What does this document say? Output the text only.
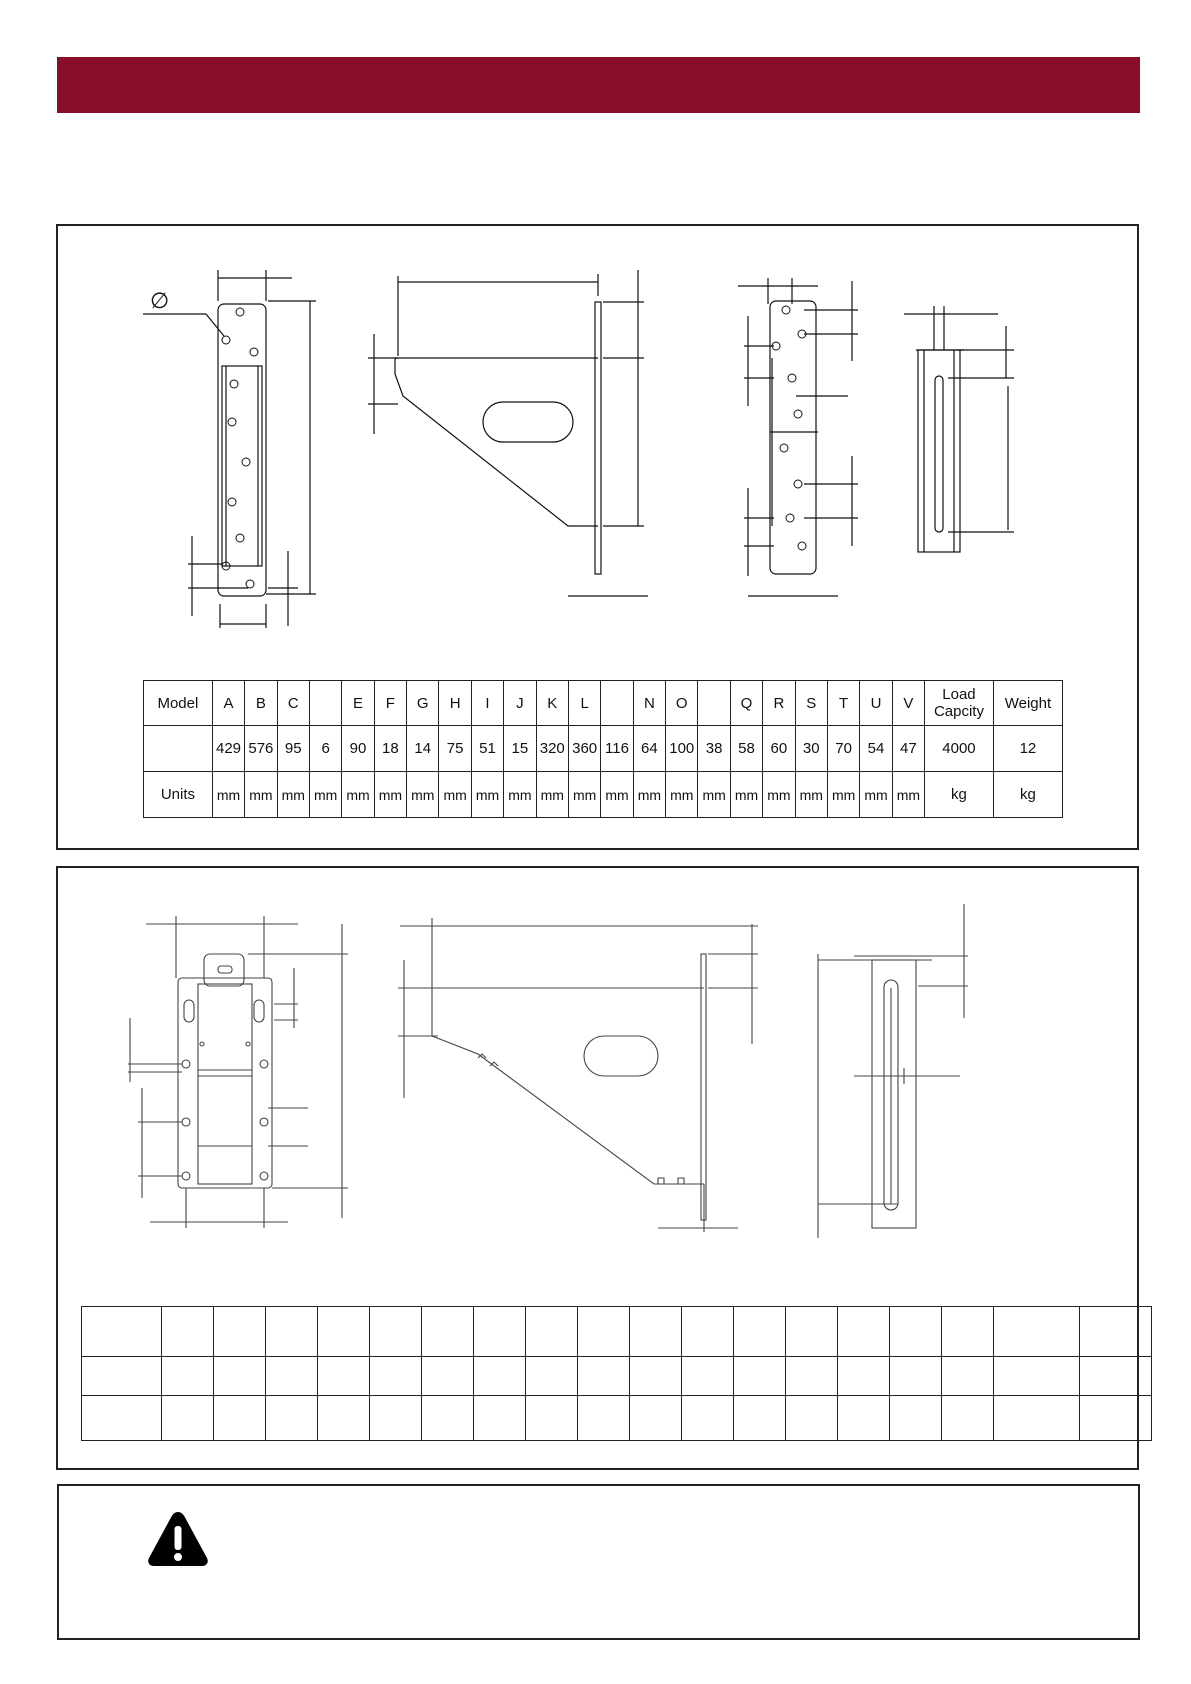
∅
Model	A	B	C		E	F	G	H	I	J	K	L		N	O		Q	R	S	T	U	V	Load Capcity	Weight
	429	576	95	6	90	18	14	75	51	15	320	360	116	64	100	38	58	60	30	70	54	47	4000	12
Units	mm	mm	mm	mm	mm	mm	mm	mm	mm	mm	mm	mm	mm	mm	mm	mm	mm	mm	mm	mm	mm	mm	kg	kg
